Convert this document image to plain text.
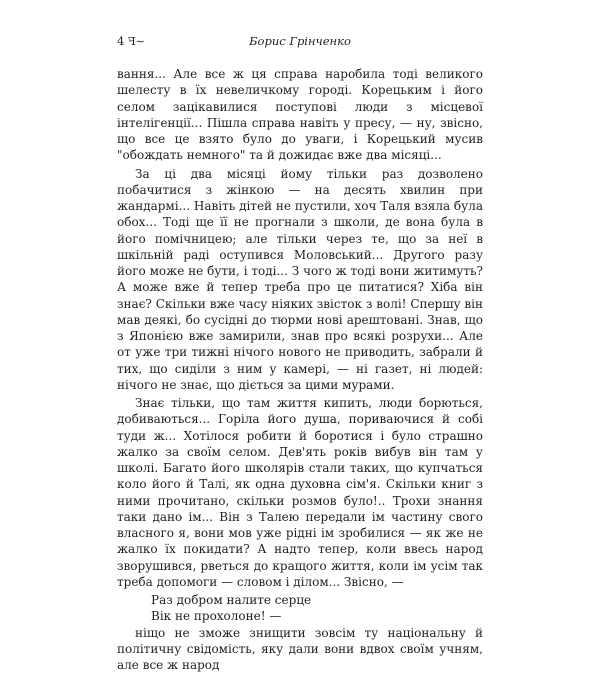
4 ꟻ∼	Борис Грінченко

вання... Але все ж ця справа наробила тоді великого шелесту в їх невеличкому городі. Корецьким і його селом зацікавилися поступові люди з місцевої інтелігенції... Пішла справа навіть у пресу, — ну, звісно, що все це взято було до уваги, і Корецький мусив "обождать немного" та й дожидає вже два місяці...

За ці два місяці йому тільки раз дозволено побачитися з жінкою — на десять хвилин при жандармі... Навіть дітей не пустили, хоч Таля взяла була обох... Тоді ще її не прогнали з школи, де вона була в його помічницею; але тільки через те, що за неї в шкільній раді оступився Моловський... Другого разу його може не бути, і тоді... З чого ж тоді вони житимуть? А може вже й тепер треба про це питатися? Хіба він знає? Скільки вже часу ніяких звісток з волі! Спершу він мав деякі, бо сусідні до тюрми нові арештовані. Знав, що з Японією вже замирили, знав про всякі розрухи... Але от уже три тижні нічого нового не приводить, забрали й тих, що сиділи з ним у камері, — ні газет, ні людей: нічого не знає, що діється за цими мурами.

Знає тільки, що там життя кипить, люди борються, добиваються... Горіла його душа, пориваючися й собі туди ж... Хотілося робити й боротися і було страшно жалко за своїм селом. Дев'ять років вибув він там у школі. Багато його школярів стали таких, що купчаться коло його й Талі, як одна духовна сім'я. Скільки книг з ними прочитано, скільки розмов було!.. Трохи знання таки дано ім... Він з Талею передали ім частину свого власного я, вони мов уже рідні ім зробилися — як же не жалко їх покидати? А надто тепер, коли ввесь народ зворушився, рветься до кращого життя, коли ім усім так треба допомоги — словом і ділом... Звісно, —

Раз добром налите серце

Вік не прохолоне! —

ніщо не зможе знищити зовсім ту національну й політичну свідомість, яку дали вони вдвох своїм учням, але все ж народ
